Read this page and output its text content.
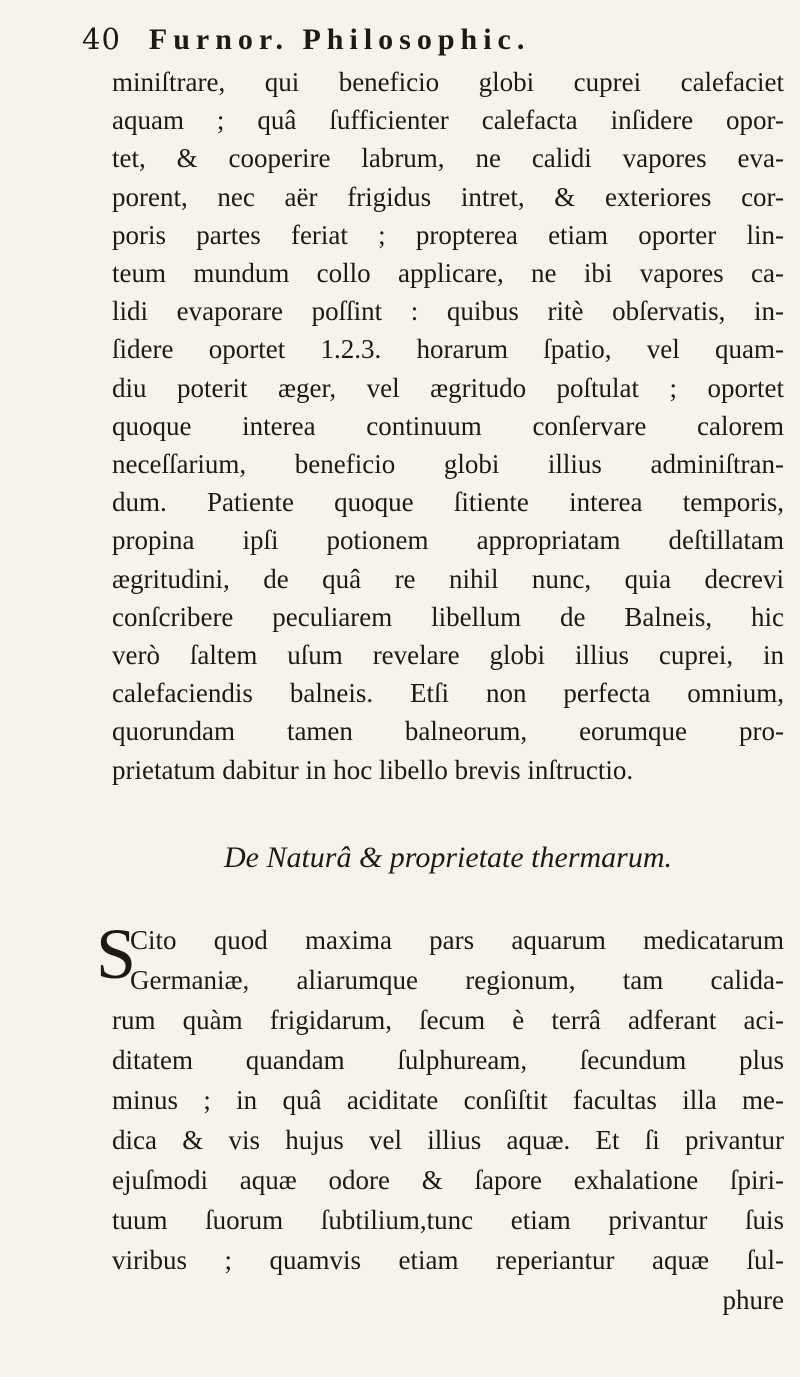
40 Furnor. Philosophic.
miniſtrare, qui beneficio globi cuprei calefaciet
aquam ; quâ ſufficienter calefacta inſidere opor-
tet, & cooperire labrum, ne calidi vapores eva-
porent, nec aër frigidus intret, & exteriores cor-
poris partes feriat ; propterea etiam oporter lin-
teum mundum collo applicare, ne ibi vapores ca-
lidi evaporare poſſint : quibus ritè obſervatis, in-
ſidere oportet 1.2.3. horarum ſpatio, vel quam-
diu poterit æger, vel ægritudo poſtulat ; oportet
quoque interea continuum conſervare calorem
neceſſarium, beneficio globi illius adminiſtran-
dum. Patiente quoque ſitiente interea temporis,
propina ipſi potionem appropriatam deſtillatam
ægritudini, de quâ re nihil nunc, quia decrevi
conſcribere peculiarem libellum de Balneis, hic
verò ſaltem uſum revelare globi illius cuprei, in
calefaciendis balneis. Etſi non perfecta omnium,
quorundam tamen balneorum, eorumque pro-
prietatum dabitur in hoc libello brevis inſtructio.
De Naturâ & proprietate thermarum.
S
Cito quod maxima pars aquarum medicatarum
Germaniæ, aliarumque regionum, tam calida-
rum quàm frigidarum, ſecum è terrâ adferant aci-
ditatem quandam ſulphuream, ſecundum plus
minus ; in quâ aciditate conſiſtit facultas illa me-
dica & vis hujus vel illius aquæ. Et ſi privantur
ejuſmodi aquæ odore & ſapore exhalatione ſpiri-
tuum ſuorum ſubtilium,tunc etiam privantur ſuis
viribus ; quamvis etiam reperiantur aquæ ſul-
phure
